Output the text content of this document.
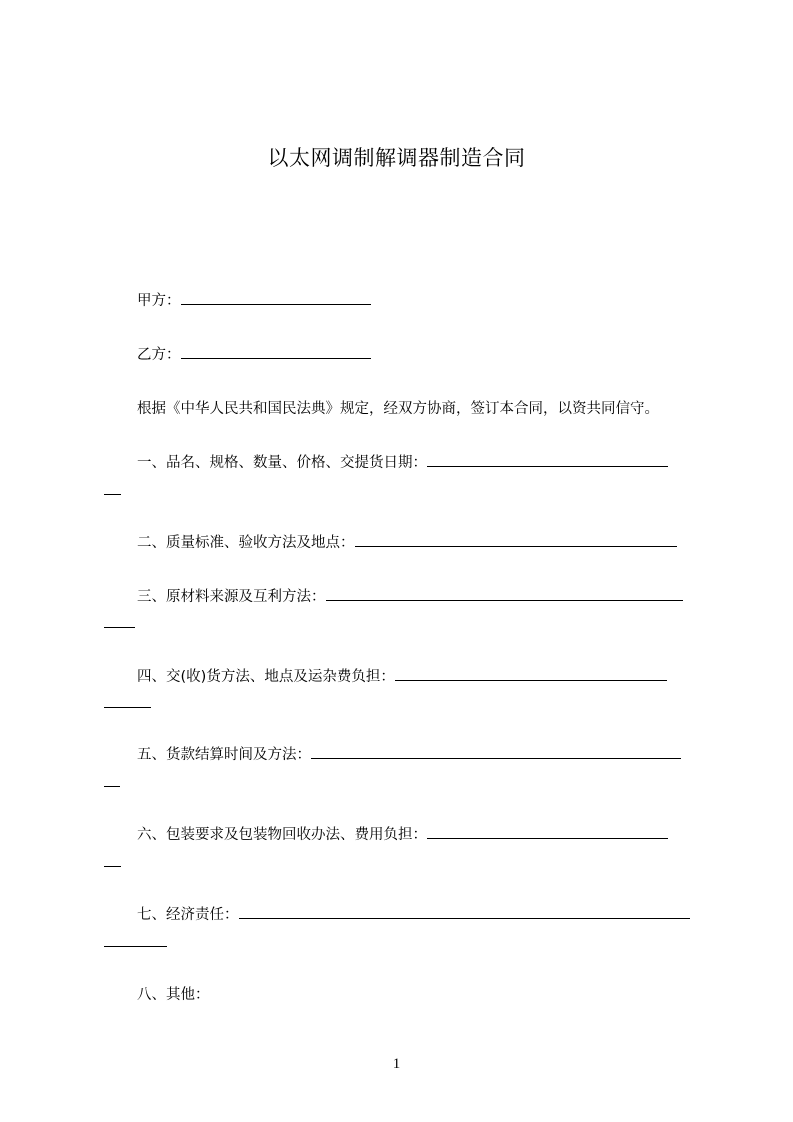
以太网调制解调器制造合同
甲方：
乙方：
根据《中华人民共和国民法典》规定，经双方协商，签订本合同，以资共同信守。
一、品名、规格、数量、价格、交提货日期：
二、质量标准、验收方法及地点：
三、原材料来源及互利方法：
四、交(收)货方法、地点及运杂费负担：
五、货款结算时间及方法：
六、包装要求及包装物回收办法、费用负担：
七、经济责任：
八、其他：
1
